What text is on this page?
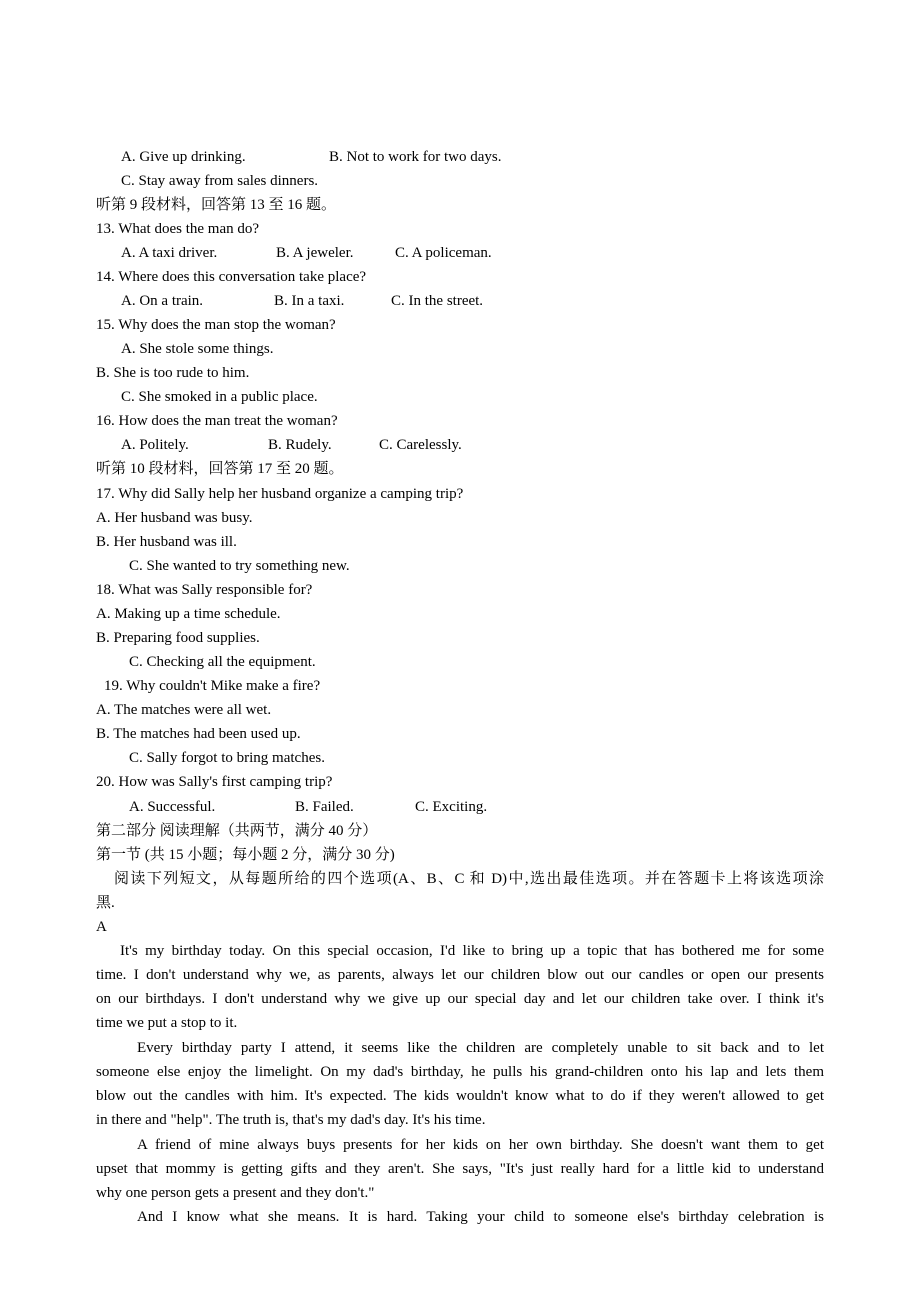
A. Give up drinking.	B. Not to work for two days.
C. Stay away from sales dinners.
听第 9 段材料，回答第 13 至 16 题。
13. What does the man do?
A. A taxi driver.	B. A jeweler.	C. A policeman.
14. Where does this conversation take place?
A. On a train.	B. In a taxi.	C. In the street.
15. Why does the man stop the woman?
A. She stole some things.
B. She is too rude to him.
C. She smoked in a public place.
16. How does the man treat the woman?
A. Politely.	B. Rudely.	C. Carelessly.
听第 10 段材料，回答第 17 至 20 题。
17. Why did Sally help her husband organize a camping trip?
A. Her husband was busy.
B. Her husband was ill.
C. She wanted to try something new.
18. What was Sally responsible for?
A. Making up a time schedule.
B. Preparing food supplies.
C. Checking all the equipment.
19. Why couldn't Mike make a fire?
A. The matches were all wet.
B. The matches had been used up.
C. Sally forgot to bring matches.
20. How was Sally's first camping trip?
A. Successful.	B. Failed.	C. Exciting.
第二部分 阅读理解（共两节，满分 40 分）
第一节 (共 15 小题；每小题 2 分，满分 30 分)
阅读下列短文，从每题所给的四个选项(A、B、C 和 D)中,选出最佳选项。并在答题卡上将该选项涂
黑.
A
It's my birthday today. On this special occasion, I'd like to bring up a topic that has bothered me for some
time. I don't understand why we, as parents, always let our children blow out our candles or open our presents
on our birthdays. I don't understand why we give up our special day and let our children take over. I think it's
time we put a stop to it.
Every birthday party I attend, it seems like the children are completely unable to sit back and to let
someone else enjoy the limelight. On my dad's birthday, he pulls his grand-children onto his lap and lets them
blow out the candles with him. It's expected. The kids wouldn't know what to do if they weren't allowed to get
in there and "help". The truth is, that's my dad's day. It's his time.
A friend of mine always buys presents for her kids on her own birthday. She doesn't want them to get
upset that mommy is getting gifts and they aren't. She says, "It's just really hard for a little kid to understand
why one person gets a present and they don't."
And I know what she means. It is hard. Taking your child to someone else's birthday celebration is
